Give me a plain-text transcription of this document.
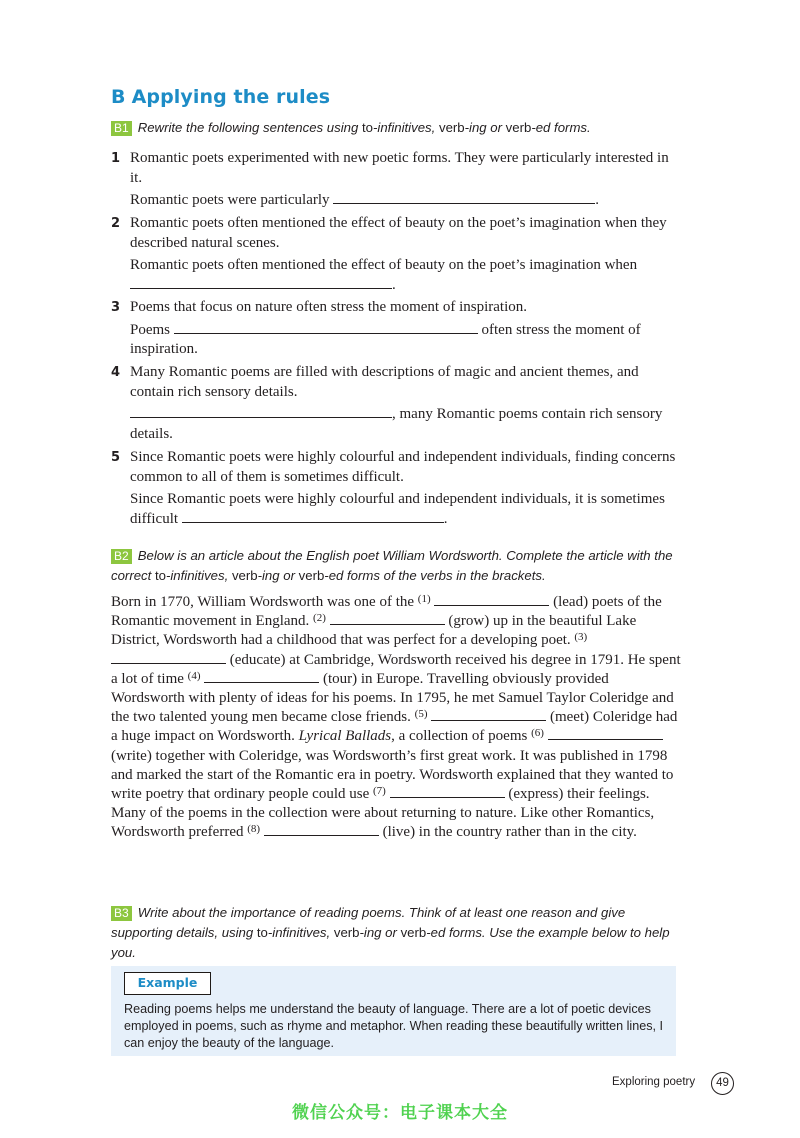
B Applying the rules
B1 Rewrite the following sentences using to-infinitives, verb-ing or verb-ed forms.
1 Romantic poets experimented with new poetic forms. They were particularly interested in it.
Romantic poets were particularly	.
2 Romantic poets often mentioned the effect of beauty on the poet’s imagination when they described natural scenes.
Romantic poets often mentioned the effect of beauty on the poet’s imagination when .
3 Poems that focus on nature often stress the moment of inspiration.
Poems	often stress the moment of inspiration.
4 Many Romantic poems are filled with descriptions of magic and ancient themes, and contain rich sensory details.
, many Romantic poems contain rich sensory details.
5 Since Romantic poets were highly colourful and independent individuals, finding concerns common to all of them is sometimes difficult.
Since Romantic poets were highly colourful and independent individuals, it is sometimes difficult	.
B2 Below is an article about the English poet William Wordsworth. Complete the article with the correct to-infinitives, verb-ing or verb-ed forms of the verbs in the brackets.
Born in 1770, William Wordsworth was one of the $^{(1)}$	(lead) poets of the Romantic movement in England. $^{(2)}$	(grow) up in the beautiful Lake District, Wordsworth had a childhood that was perfect for a developing poet. $^{(3)}$  (educate) at Cambridge, Wordsworth received his degree in 1791. He spent a lot of time $^{(4)}$	(tour) in Europe. Travelling obviously provided Wordsworth with plenty of ideas for his poems. In 1795, he met Samuel Taylor Coleridge and the two talented young men became close friends. $^{(5)}$	(meet) Coleridge had a huge impact on Wordsworth. Lyrical Ballads, a collection of poems $^{(6)}$  (write) together with Coleridge, was Wordsworth’s first great work. It was published in 1798 and marked the start of the Romantic era in poetry. Wordsworth explained that they wanted to write poetry that ordinary people could use $^{(7)}$	(express) their feelings. Many of the poems in the collection were about returning to nature. Like other Romantics, Wordsworth preferred $^{(8)}$	(live) in the country rather than in the city.
B3 Write about the importance of reading poems. Think of at least one reason and give supporting details, using to-infinitives, verb-ing or verb-ed forms. Use the example below to help you.
Example
Reading poems helps me understand the beauty of language. There are a lot of poetic devices employed in poems, such as rhyme and metaphor. When reading these beautifully written lines, I can enjoy the beauty of the language.
Exploring poetry	49
微信公众号：电子课本大全
